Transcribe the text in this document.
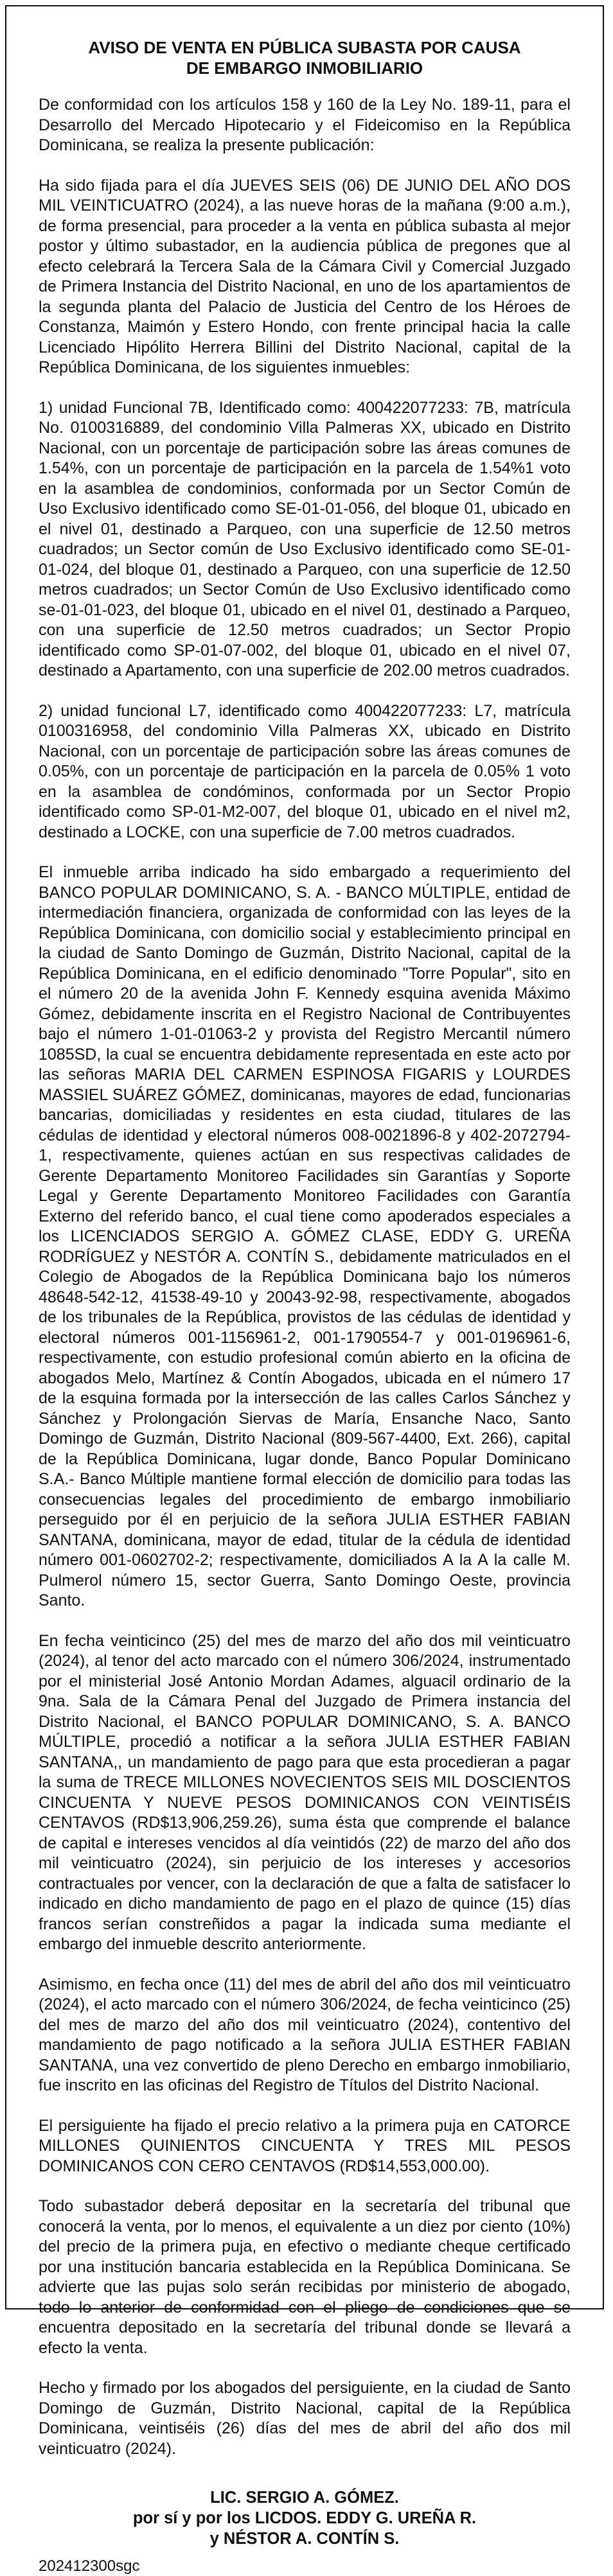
AVISO DE VENTA EN PÚBLICA SUBASTA POR CAUSA
DE EMBARGO INMOBILIARIO

De conformidad con los artículos 158 y 160 de la Ley No. 189-11, para el Desarrollo del Mercado Hipotecario y el Fideicomiso en la República Dominicana, se realiza la presente publicación:

Ha sido fijada para el día JUEVES SEIS (06) DE JUNIO DEL AÑO DOS MIL VEINTICUATRO (2024), a las nueve horas de la mañana (9:00 a.m.), de forma presencial, para proceder a la venta en pública subasta al mejor postor y último subastador, en la audiencia pública de pregones que al efecto celebrará la Tercera Sala de la Cámara Civil y Comercial Juzgado de Primera Instancia del Distrito Nacional, en uno de los apartamientos de la segunda planta del Palacio de Justicia del Centro de los Héroes de Constanza, Maimón y Estero Hondo, con frente principal hacia la calle Licenciado Hipólito Herrera Billini del Distrito Nacional, capital de la República Dominicana, de los siguientes inmuebles:

1) unidad Funcional 7B, Identificado como: 400422077233: 7B, matrícula No. 0100316889, del condominio Villa Palmeras XX, ubicado en Distrito Nacional, con un porcentaje de participación sobre las áreas comunes de 1.54%, con un porcentaje de participación en la parcela de 1.54%1 voto en la asamblea de condominios, conformada por un Sector Común de Uso Exclusivo identificado como SE-01-01-056, del bloque 01, ubicado en el nivel 01, destinado a Parqueo, con una superficie de 12.50 metros cuadrados; un Sector común de Uso Exclusivo identificado como SE-01-01-024, del bloque 01, destinado a Parqueo, con una superficie de 12.50 metros cuadrados; un Sector Común de Uso Exclusivo identificado como se-01-01-023, del bloque 01, ubicado en el nivel 01, destinado a Parqueo, con una superficie de 12.50 metros cuadrados; un Sector Propio identificado como SP-01-07-002, del bloque 01, ubicado en el nivel 07, destinado a Apartamento, con una superficie de 202.00 metros cuadrados.

2) unidad funcional L7, identificado como 400422077233: L7, matrícula 0100316958, del condominio Villa Palmeras XX, ubicado en Distrito Nacional, con un porcentaje de participación sobre las áreas comunes de 0.05%, con un porcentaje de participación en la parcela de 0.05% 1 voto en la asamblea de condóminos, conformada por un Sector Propio identificado como SP-01-M2-007, del bloque 01, ubicado en el nivel m2, destinado a LOCKE, con una superficie de 7.00 metros cuadrados.

El inmueble arriba indicado ha sido embargado a requerimiento del BANCO POPULAR DOMINICANO, S. A. - BANCO MÚLTIPLE, entidad de intermediación financiera, organizada de conformidad con las leyes de la República Dominicana, con domicilio social y establecimiento principal en la ciudad de Santo Domingo de Guzmán, Distrito Nacional, capital de la República Dominicana, en el edificio denominado "Torre Popular", sito en el número 20 de la avenida John F. Kennedy esquina avenida Máximo Gómez, debidamente inscrita en el Registro Nacional de Contribuyentes bajo el número 1-01-01063-2 y provista del Registro Mercantil número 1085SD, la cual se encuentra debidamente representada en este acto por las señoras MARIA DEL CARMEN ESPINOSA FIGARIS y LOURDES MASSIEL SUÁREZ GÓMEZ, dominicanas, mayores de edad, funcionarias bancarias, domiciliadas y residentes en esta ciudad, titulares de las cédulas de identidad y electoral números 008-0021896-8 y 402-2072794-1, respectivamente, quienes actúan en sus respectivas calidades de Gerente Departamento Monitoreo Facilidades sin Garantías y Soporte Legal y Gerente Departamento Monitoreo Facilidades con Garantía Externo del referido banco, el cual tiene como apoderados especiales a los LICENCIADOS SERGIO A. GÓMEZ CLASE, EDDY G. UREÑA RODRÍGUEZ y NESTÓR A. CONTÍN S., debidamente matriculados en el Colegio de Abogados de la República Dominicana bajo los números 48648-542-12, 41538-49-10 y 20043-92-98, respectivamente, abogados de los tribunales de la República, provistos de las cédulas de identidad y electoral números 001-1156961-2, 001-1790554-7 y 001-0196961-6, respectivamente, con estudio profesional común abierto en la oficina de abogados Melo, Martínez & Contín Abogados, ubicada en el número 17 de la esquina formada por la intersección de las calles Carlos Sánchez y Sánchez y Prolongación Siervas de María, Ensanche Naco, Santo Domingo de Guzmán, Distrito Nacional (809-567-4400, Ext. 266), capital de la República Dominicana, lugar donde, Banco Popular Dominicano S.A.- Banco Múltiple mantiene formal elección de domicilio para todas las consecuencias legales del procedimiento de embargo inmobiliario perseguido por él en perjuicio de la señora JULIA ESTHER FABIAN SANTANA, dominicana, mayor de edad, titular de la cédula de identidad número 001-0602702-2; respectivamente, domiciliados A la A la calle M. Pulmerol número 15, sector Guerra, Santo Domingo Oeste, provincia Santo.

En fecha veinticinco (25) del mes de marzo del año dos mil veinticuatro (2024), al tenor del acto marcado con el número 306/2024, instrumentado por el ministerial José Antonio Mordan Adames, alguacil ordinario de la 9na. Sala de la Cámara Penal del Juzgado de Primera instancia del Distrito Nacional, el BANCO POPULAR DOMINICANO, S. A. BANCO MÚLTIPLE, procedió a notificar a la señora JULIA ESTHER FABIAN SANTANA,, un mandamiento de pago para que esta procedieran a pagar la suma de TRECE MILLONES NOVECIENTOS SEIS MIL DOSCIENTOS CINCUENTA Y NUEVE PESOS DOMINICANOS CON VEINTISÉIS CENTAVOS (RD$13,906,259.26), suma ésta que comprende el balance de capital e intereses vencidos al día veintidós (22) de marzo del año dos mil veinticuatro (2024), sin perjuicio de los intereses y accesorios contractuales por vencer, con la declaración de que a falta de satisfacer lo indicado en dicho mandamiento de pago en el plazo de quince (15) días francos serían constreñidos a pagar la indicada suma mediante el embargo del inmueble descrito anteriormente.

Asimismo, en fecha once (11) del mes de abril del año dos mil veinticuatro (2024), el acto marcado con el número 306/2024, de fecha veinticinco (25) del mes de marzo del año dos mil veinticuatro (2024), contentivo del mandamiento de pago notificado a la señora JULIA ESTHER FABIAN SANTANA, una vez convertido de pleno Derecho en embargo inmobiliario, fue inscrito en las oficinas del Registro de Títulos del Distrito Nacional.

El persiguiente ha fijado el precio relativo a la primera puja en CATORCE MILLONES QUINIENTOS CINCUENTA Y TRES MIL PESOS DOMINICANOS CON CERO CENTAVOS (RD$14,553,000.00).

Todo subastador deberá depositar en la secretaría del tribunal que conocerá la venta, por lo menos, el equivalente a un diez por ciento (10%) del precio de la primera puja, en efectivo o mediante cheque certificado por una institución bancaria establecida en la República Dominicana. Se advierte que las pujas solo serán recibidas por ministerio de abogado, todo lo anterior de conformidad con el pliego de condiciones que se encuentra depositado en la secretaría del tribunal donde se llevará a efecto la venta.

Hecho y firmado por los abogados del persiguiente, en la ciudad de Santo Domingo de Guzmán, Distrito Nacional, capital de la República Dominicana, veintiséis (26) días del mes de abril del año dos mil veinticuatro (2024).

LIC. SERGIO A. GÓMEZ.
por sí y por los LICDOS. EDDY G. UREÑA R.
y NÉSTOR A. CONTÍN S.
202412300sgc
